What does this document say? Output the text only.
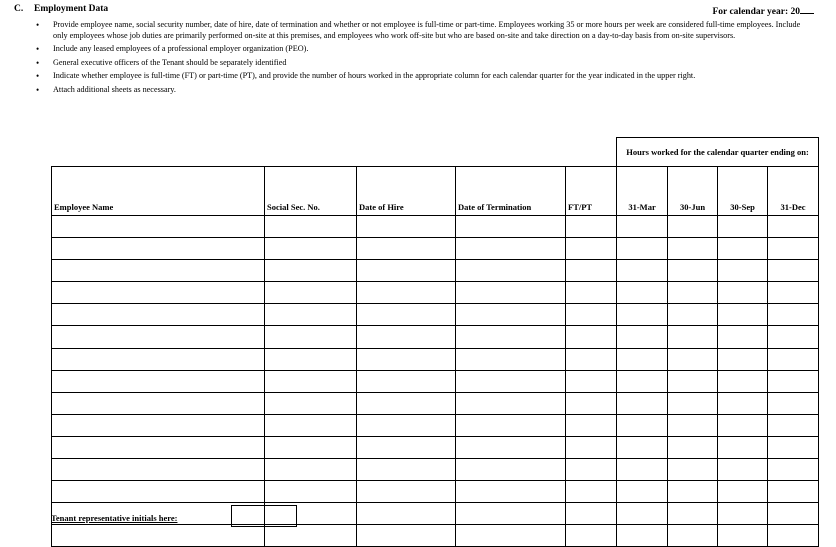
C. Employment Data	For calendar year: 20
• Provide employee name, social security number, date of hire, date of termination and whether or not employee is full-time or part-time. Employees working 35 or more hours per week are considered full-time employees. Include only employees whose job duties are primarily performed on-site at this premises, and employees who work off-site but who are based on-site and take direction on a day-to-day basis from on-site supervisors.
• Include any leased employees of a professional employer organization (PEO).
• General executive officers of the Tenant should be separately identified
• Indicate whether employee is full-time (FT) or part-time (PT), and provide the number of hours worked in the appropriate column for each calendar quarter for the year indicated in the upper right.
• Attach additional sheets as necessary.
					Hours worked for the calendar quarter ending on:			
Employee Name	Social Sec. No.	Date of Hire	Date of Termination	FT/PT	31-Mar	30-Jun	30-Sep	31-Dec

Tenant representative initials here:
